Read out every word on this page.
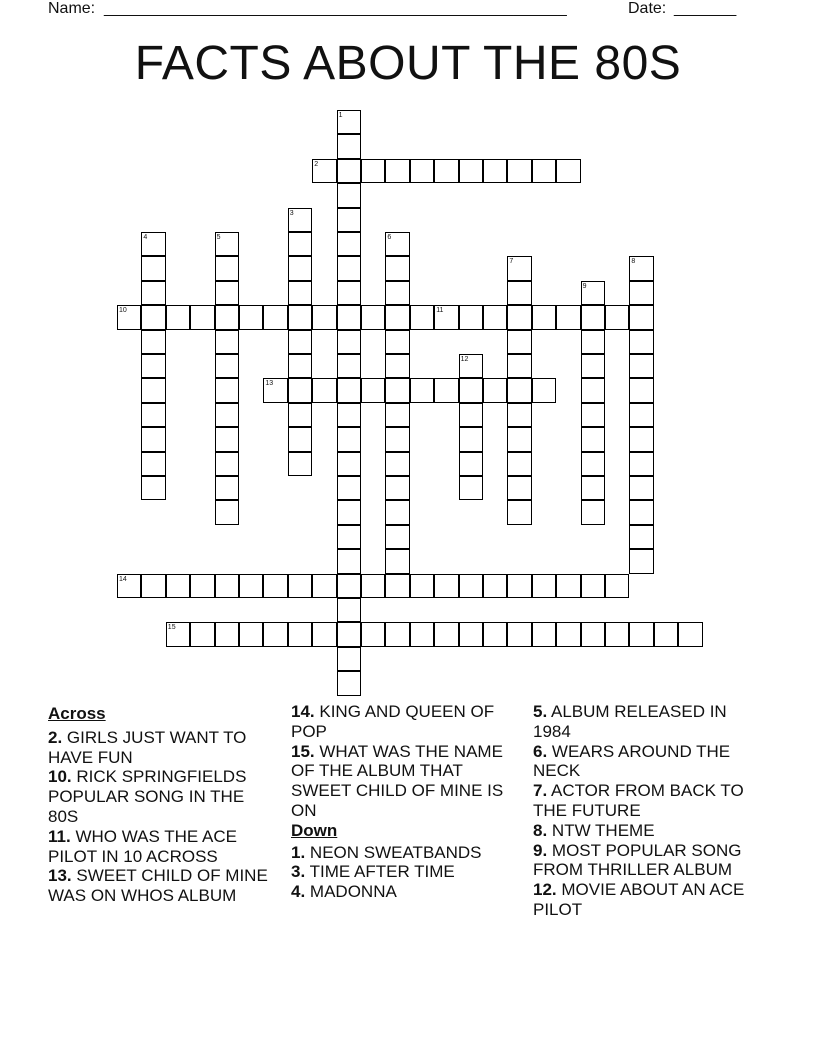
Name: ____________________________________________________	Date: _______
FACTS ABOUT THE 80S
1
2
3
4	5	6
7	8
9
10	11
12
13
14
15
Across

2. GIRLS JUST WANT TO HAVE FUN

10. RICK SPRINGFIELDS POPULAR SONG IN THE 80S

11. WHO WAS THE ACE PILOT IN 10 ACROSS

13. SWEET CHILD OF MINE WAS ON WHOS ALBUM

14. KING AND QUEEN OF POP

15. WHAT WAS THE NAME OF THE ALBUM THAT SWEET CHILD OF MINE IS ON

Down

1. NEON SWEATBANDS

3. TIME AFTER TIME

4. MADONNA

5. ALBUM RELEASED IN 1984

6. WEARS AROUND THE NECK

7. ACTOR FROM BACK TO THE FUTURE

8. NTW THEME

9. MOST POPULAR SONG FROM THRILLER ALBUM

12. MOVIE ABOUT AN ACE PILOT
